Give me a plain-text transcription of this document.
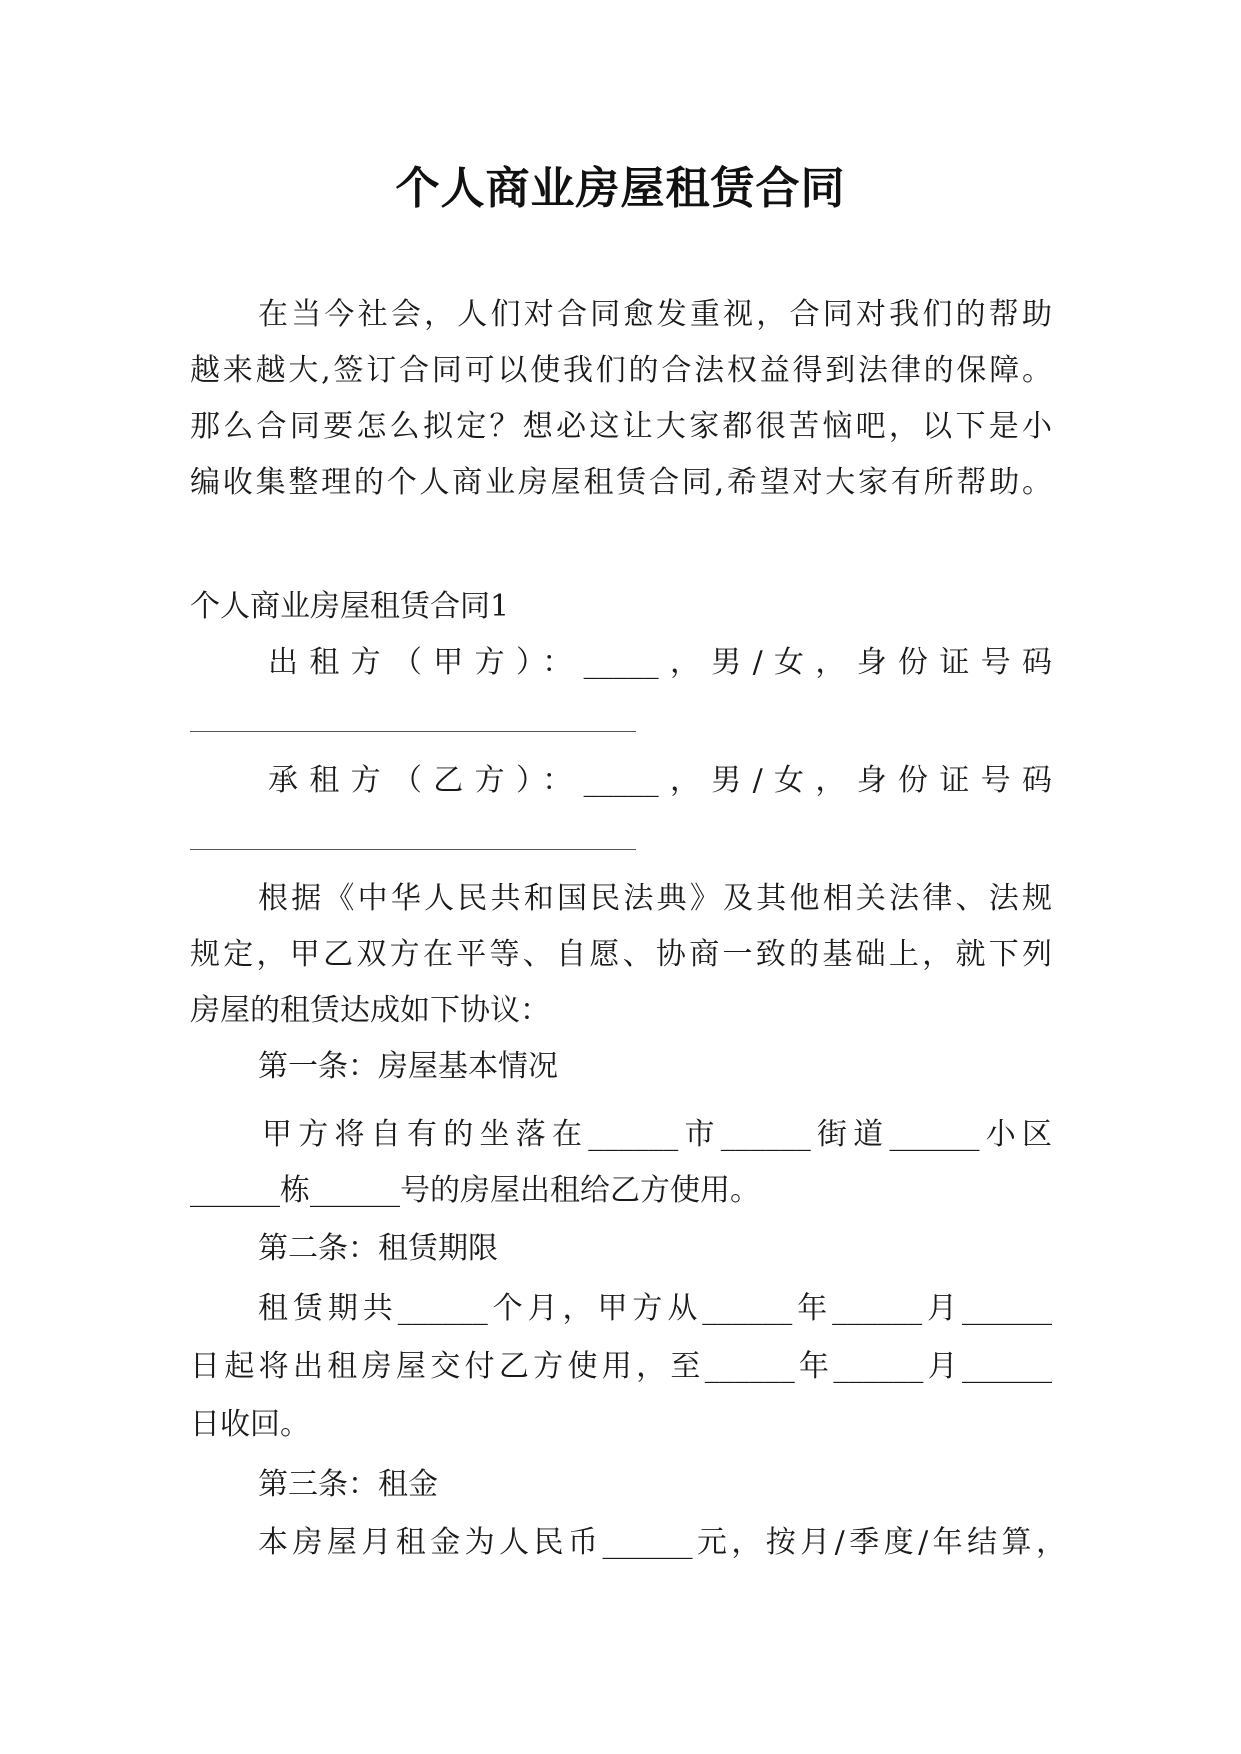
个人商业房屋租赁合同
在当今社会，人们对合同愈发重视，合同对我们的帮助
越来越大,签订合同可以使我们的合法权益得到法律的保障。
那么合同要怎么拟定？想必这让大家都很苦恼吧，以下是小
编收集整理的个人商业房屋租赁合同,希望对大家有所帮助。
个人商业房屋租赁合同1
出租方（甲方）：_____，男/女，身份证号码
承租方（乙方）：_____，男/女，身份证号码
根据《中华人民共和国民法典》及其他相关法律、法规
规定，甲乙双方在平等、自愿、协商一致的基础上，就下列
房屋的租赁达成如下协议：
第一条：房屋基本情况
甲方将自有的坐落在______市______街道______小区
______栋______号的房屋出租给乙方使用。
第二条：租赁期限
租赁期共______个月，甲方从______年______月______
日起将出租房屋交付乙方使用，至______年______月______
日收回。
第三条：租金
本房屋月租金为人民币______元，按月/季度/年结算，
